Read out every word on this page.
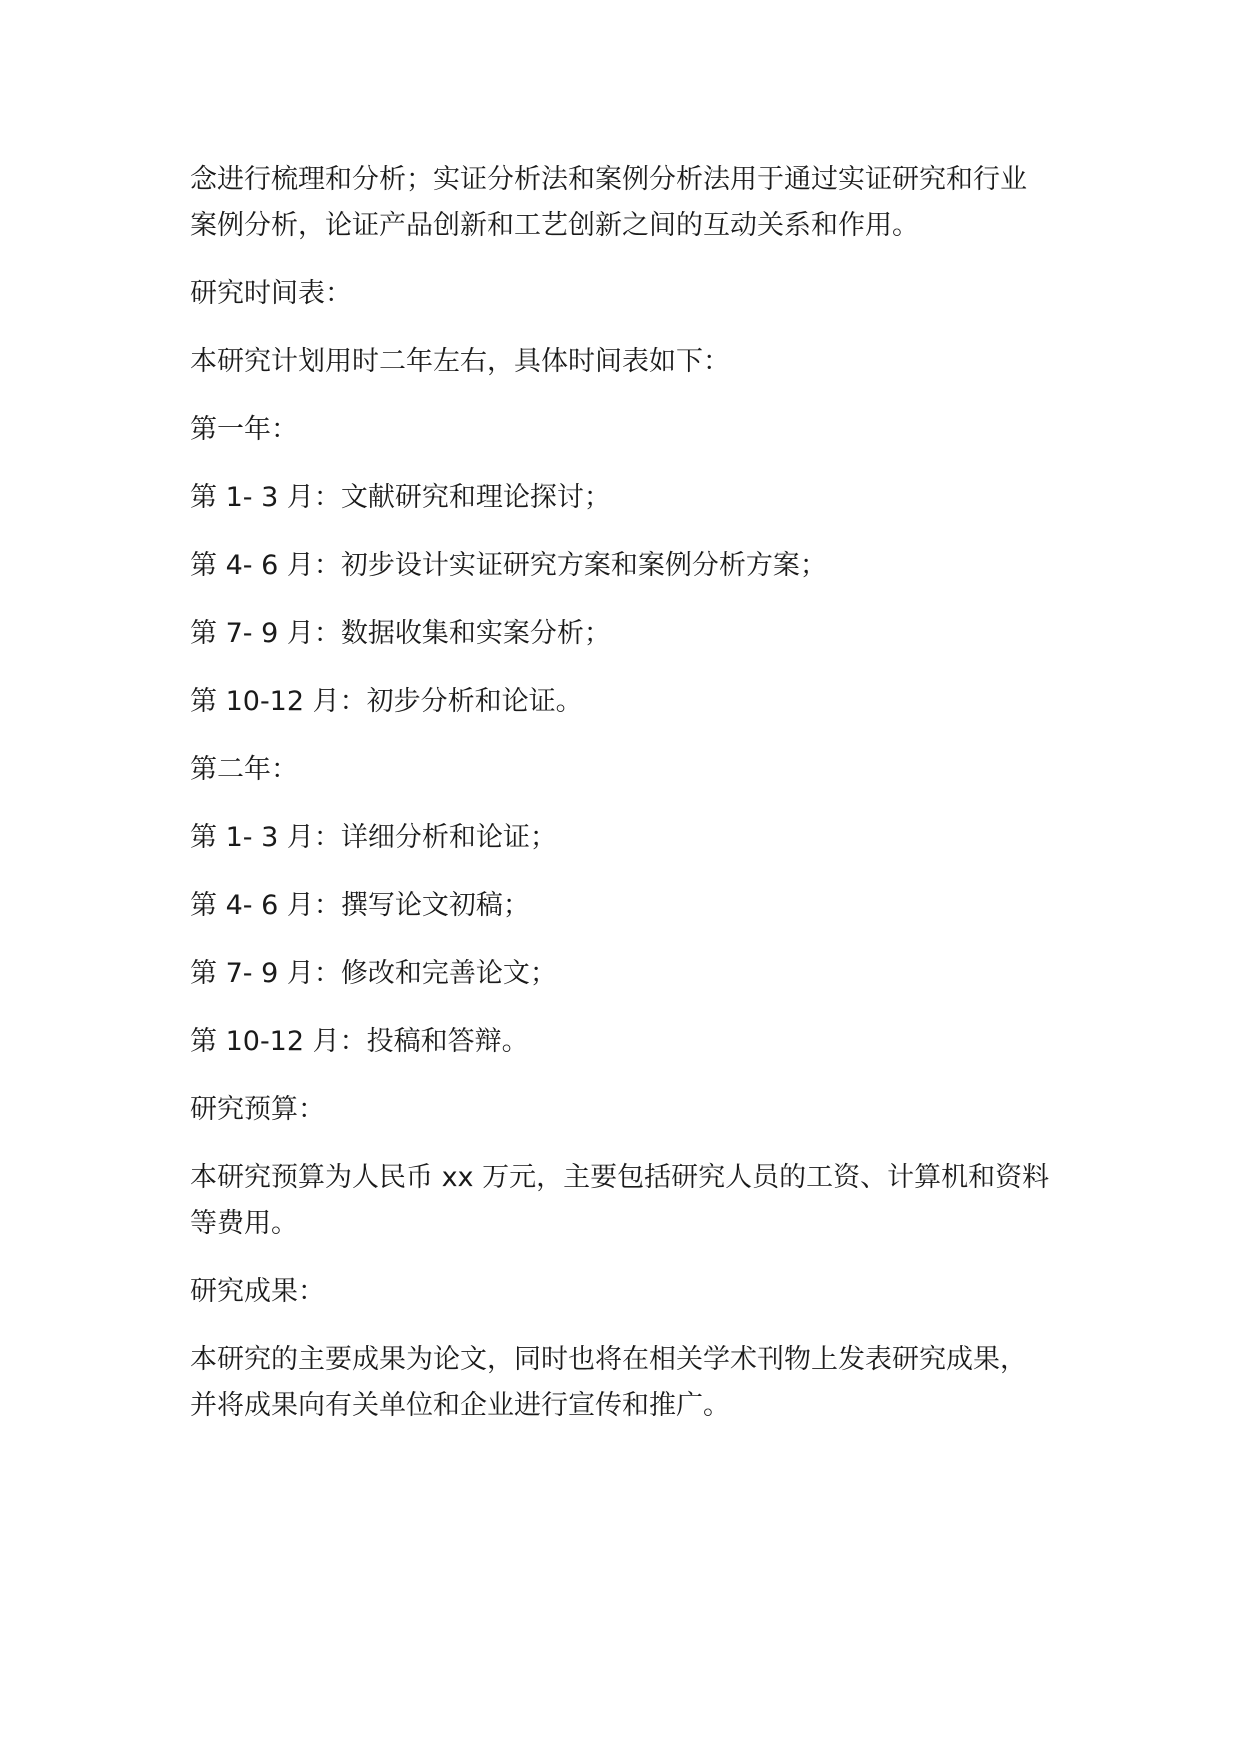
念进行梳理和分析；实证分析法和案例分析法用于通过实证研究和行业
案例分析，论证产品创新和工艺创新之间的互动关系和作用。

研究时间表：

本研究计划用时二年左右，具体时间表如下：

第一年：

第 1- 3 月：文献研究和理论探讨；

第 4- 6 月：初步设计实证研究方案和案例分析方案；

第 7- 9 月：数据收集和实案分析；

第 10-12 月：初步分析和论证。

第二年：

第 1- 3 月：详细分析和论证；

第 4- 6 月：撰写论文初稿；

第 7- 9 月：修改和完善论文；

第 10-12 月：投稿和答辩。

研究预算：

本研究预算为人民币 xx 万元，主要包括研究人员的工资、计算机和资料
等费用。

研究成果：

本研究的主要成果为论文，同时也将在相关学术刊物上发表研究成果，
并将成果向有关单位和企业进行宣传和推广。
